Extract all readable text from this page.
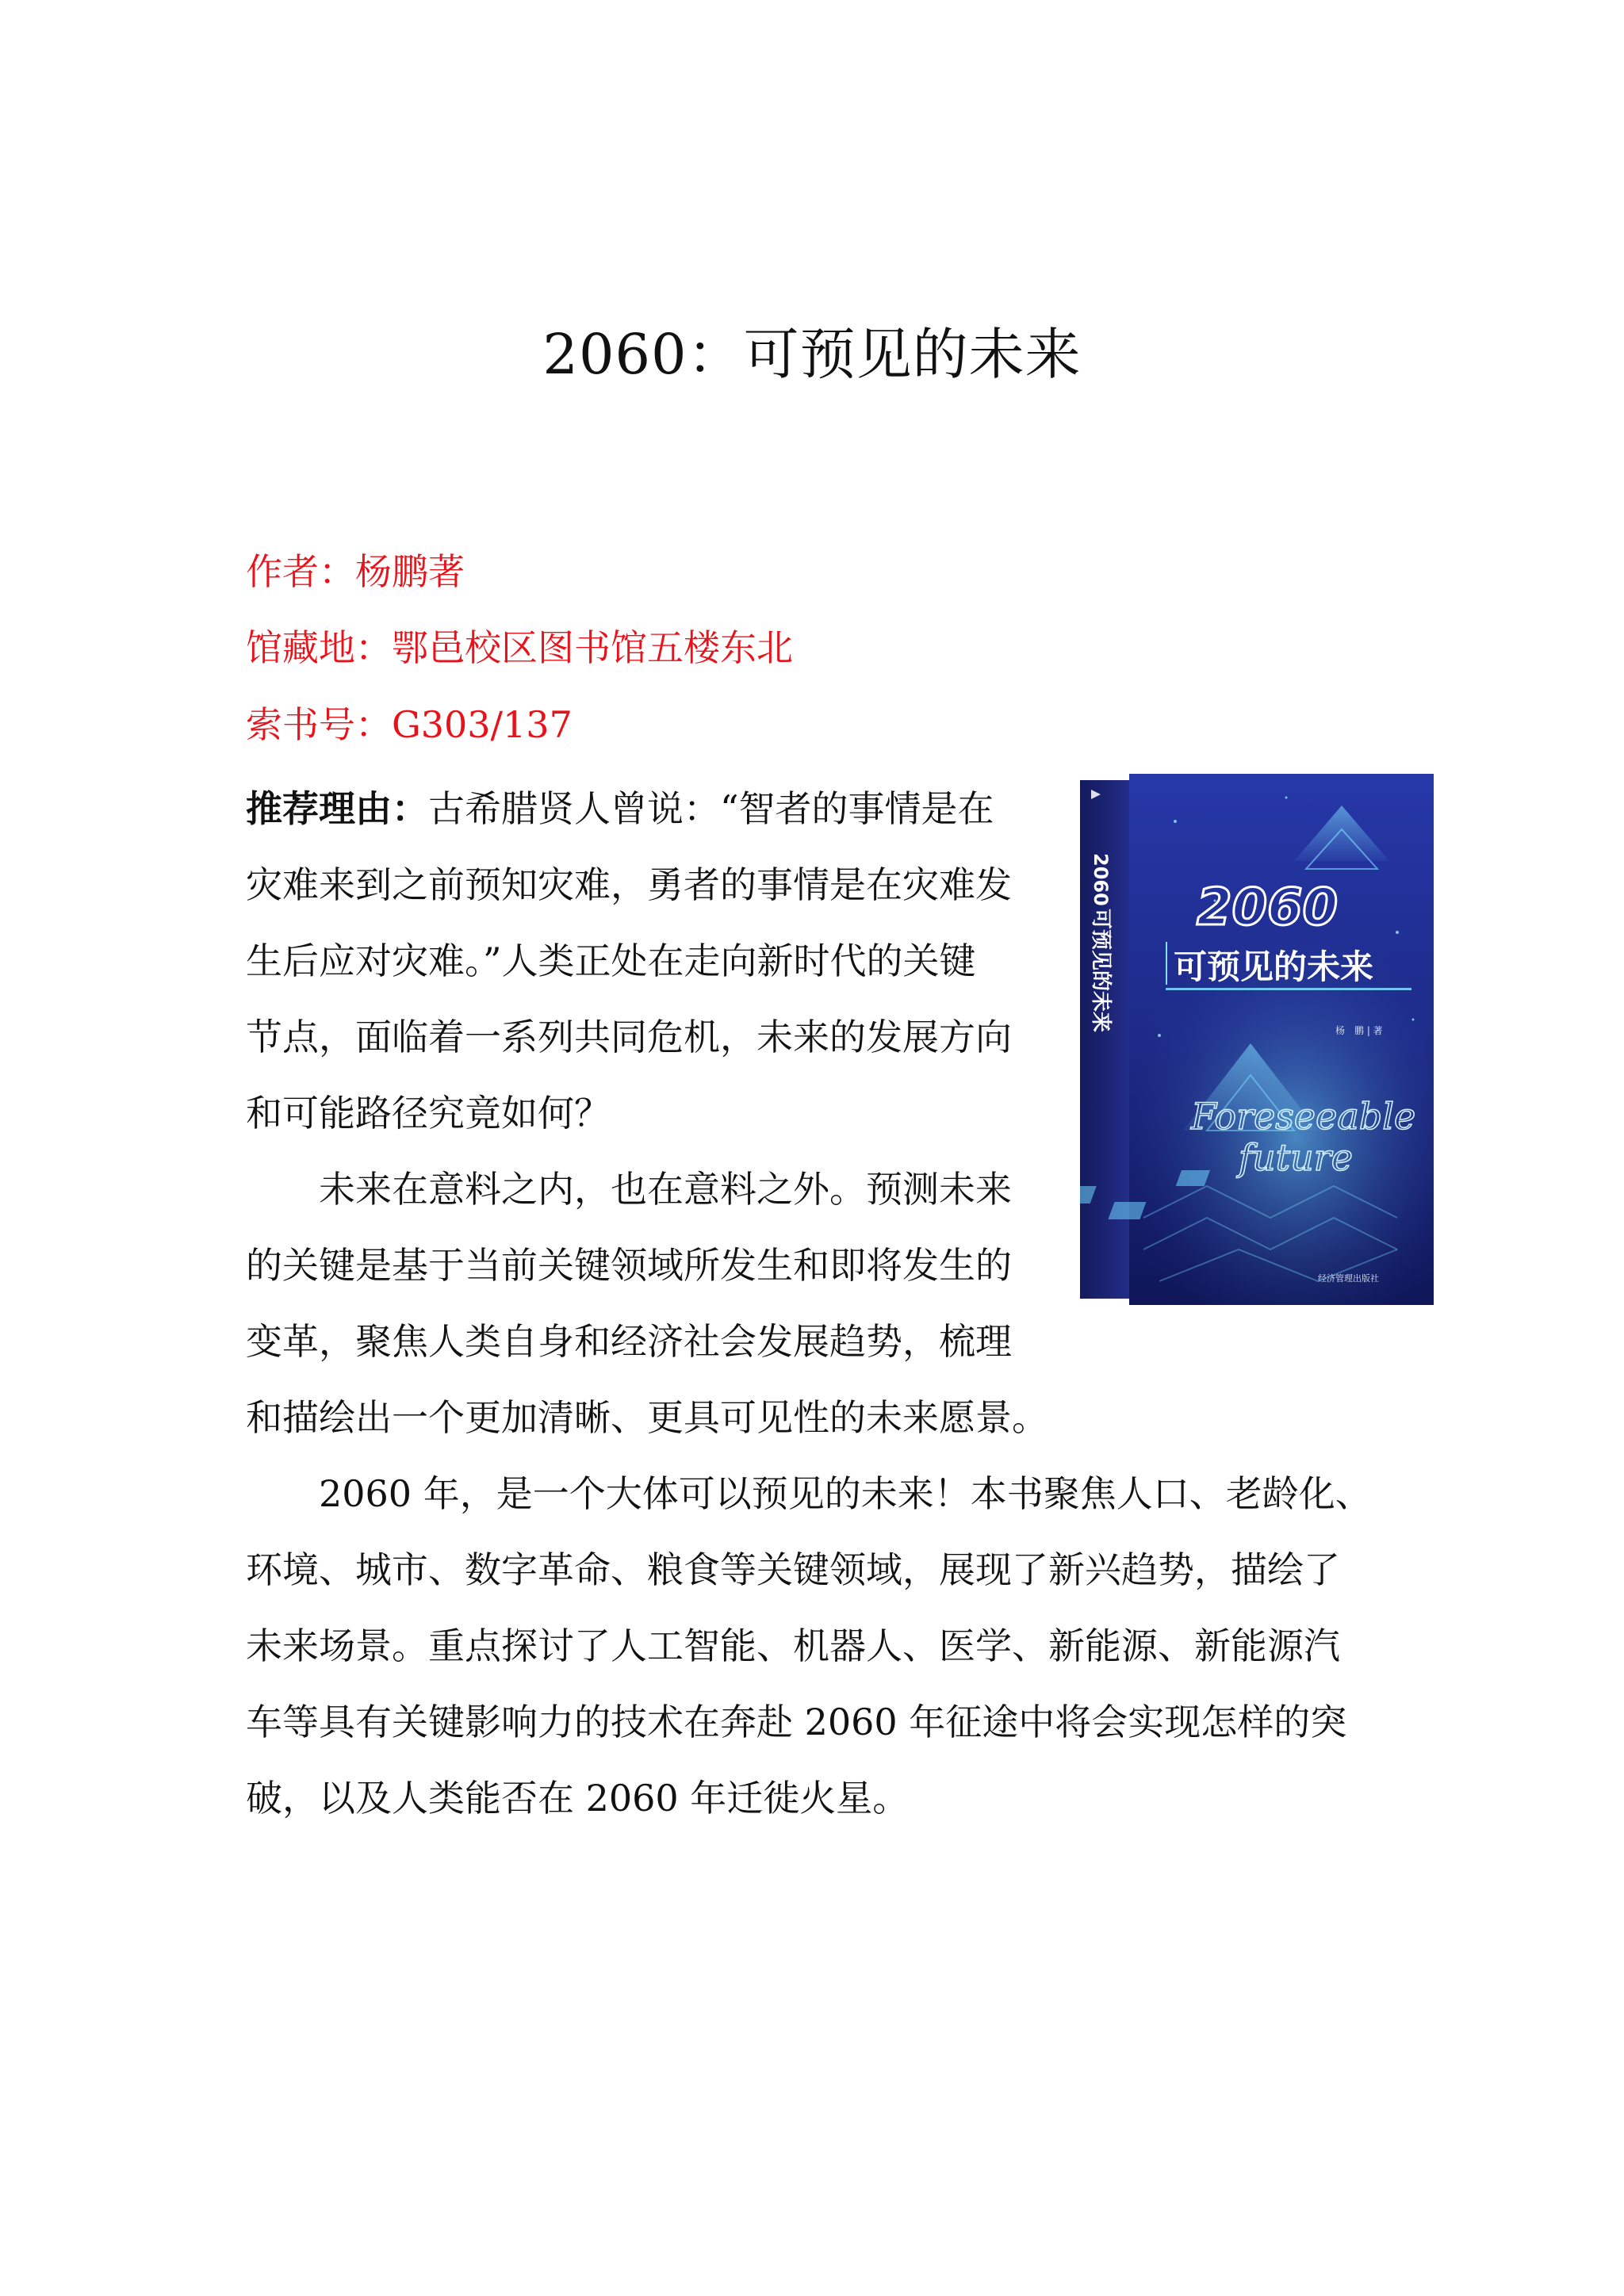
2060：可预见的未来
作者：杨鹏著
馆藏地：鄂邑校区图书馆五楼东北
索书号：G303/137
推荐理由：古希腊贤人曾说：“智者的事情是在
灾难来到之前预知灾难，勇者的事情是在灾难发
生后应对灾难。”人类正处在走向新时代的关键
节点，面临着一系列共同危机，未来的发展方向
和可能路径究竟如何？
未来在意料之内，也在意料之外。预测未来
的关键是基于当前关键领域所发生和即将发生的
变革，聚焦人类自身和经济社会发展趋势，梳理
和描绘出一个更加清晰、更具可见性的未来愿景。
2060 年，是一个大体可以预见的未来！本书聚焦人口、老龄化、
环境、城市、数字革命、粮食等关键领域，展现了新兴趋势，描绘了
未来场景。重点探讨了人工智能、机器人、医学、新能源、新能源汽
车等具有关键影响力的技术在奔赴 2060 年征途中将会实现怎样的突
破，以及人类能否在 2060 年迁徙火星。
2060
可预见的未来
杨　鹏 | 著
Foreseeable
future
经济管理出版社
2060
可预见的未来
